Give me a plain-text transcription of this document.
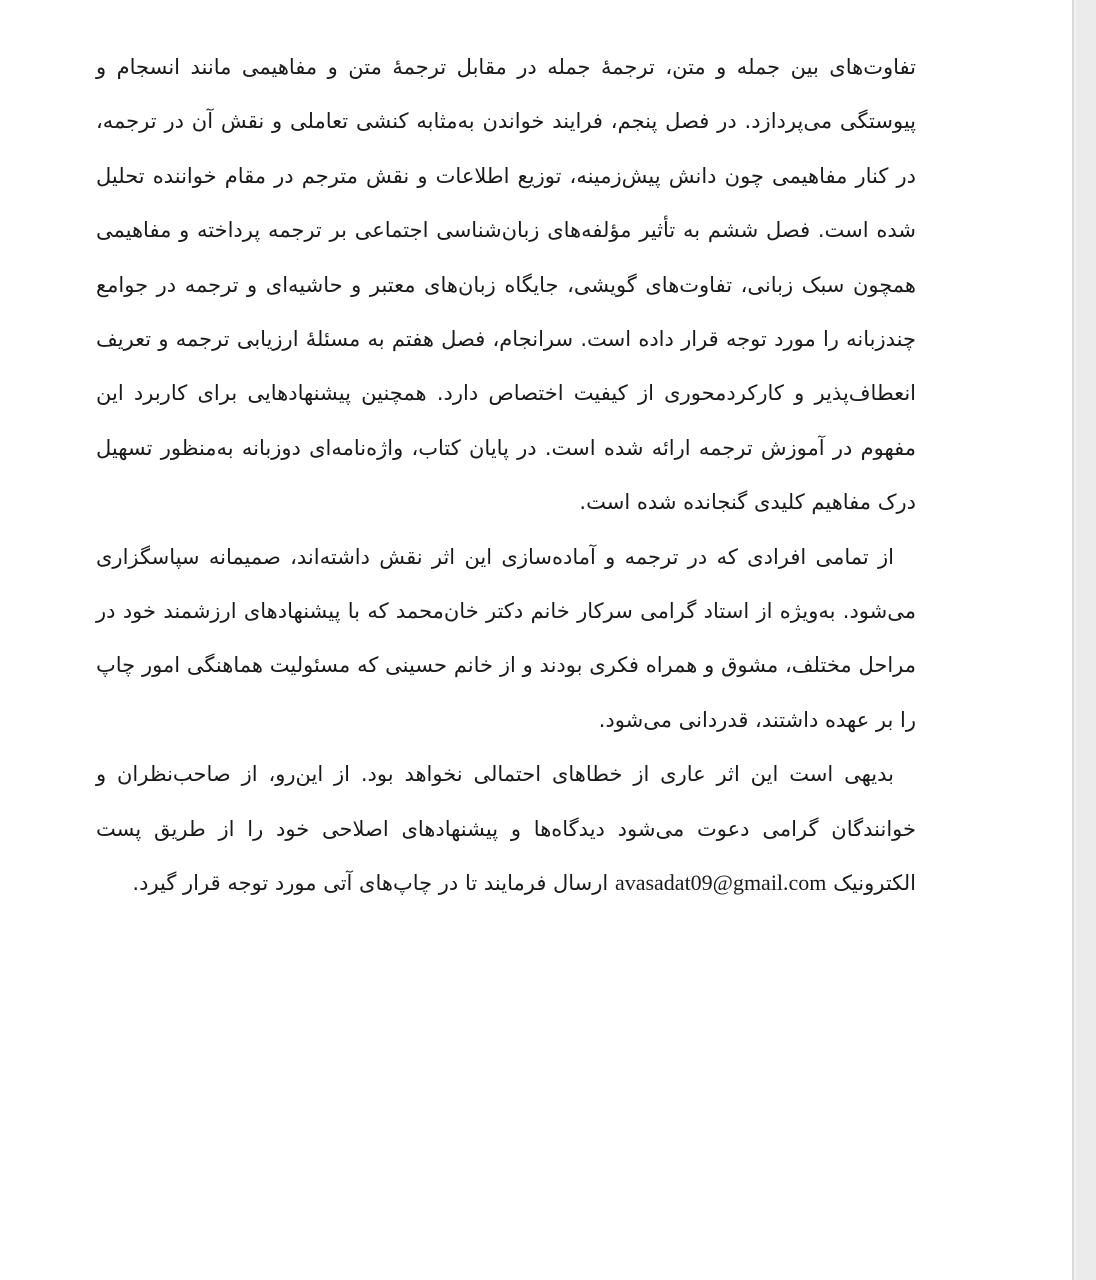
تفاوت‌های بین جمله و متن، ترجمهٔ جمله در مقابل ترجمهٔ متن و مفاهیمی مانند انسجام و پیوستگی می‌پردازد. در فصل پنجم، فرایند خواندن به‌مثابه کنشی تعاملی و نقش آن در ترجمه، در کنار مفاهیمی چون دانش پیش‌زمینه، توزیع اطلاعات و نقش مترجم در مقام خواننده تحلیل شده است. فصل ششم به تأثیر مؤلفه‌های زبان‌شناسی اجتماعی بر ترجمه پرداخته و مفاهیمی همچون سبک زبانی، تفاوت‌های گویشی، جایگاه زبان‌های معتبر و حاشیه‌ای و ترجمه در جوامع چندزبانه را مورد توجه قرار داده است. سرانجام، فصل هفتم به مسئلهٔ ارزیابی ترجمه و تعریف انعطاف‌پذیر و کارکردمحوری از کیفیت اختصاص دارد. همچنین پیشنهادهایی برای کاربرد این مفهوم در آموزش ترجمه ارائه شده است. در پایان کتاب، واژه‌نامه‌ای دوزبانه به‌منظور تسهیل درک مفاهیم کلیدی گنجانده شده است.

از تمامی افرادی که در ترجمه و آماده‌سازی این اثر نقش داشته‌اند، صمیمانه سپاسگزاری می‌شود. به‌ویژه از استاد گرامی سرکار خانم دکتر خان‌محمد که با پیشنهادهای ارزشمند خود در مراحل مختلف، مشوق و همراه فکری بودند و از خانم حسینی که مسئولیت هماهنگی امور چاپ را بر عهده داشتند، قدردانی می‌شود.

بدیهی است این اثر عاری از خطاهای احتمالی نخواهد بود. از این‌رو، از صاحب‌نظران و خوانندگان گرامی دعوت می‌شود دیدگاه‌ها و پیشنهادهای اصلاحی خود را از طریق پست الکترونیک avasadat09@gmail.com ارسال فرمایند تا در چاپ‌های آتی مورد توجه قرار گیرد.
